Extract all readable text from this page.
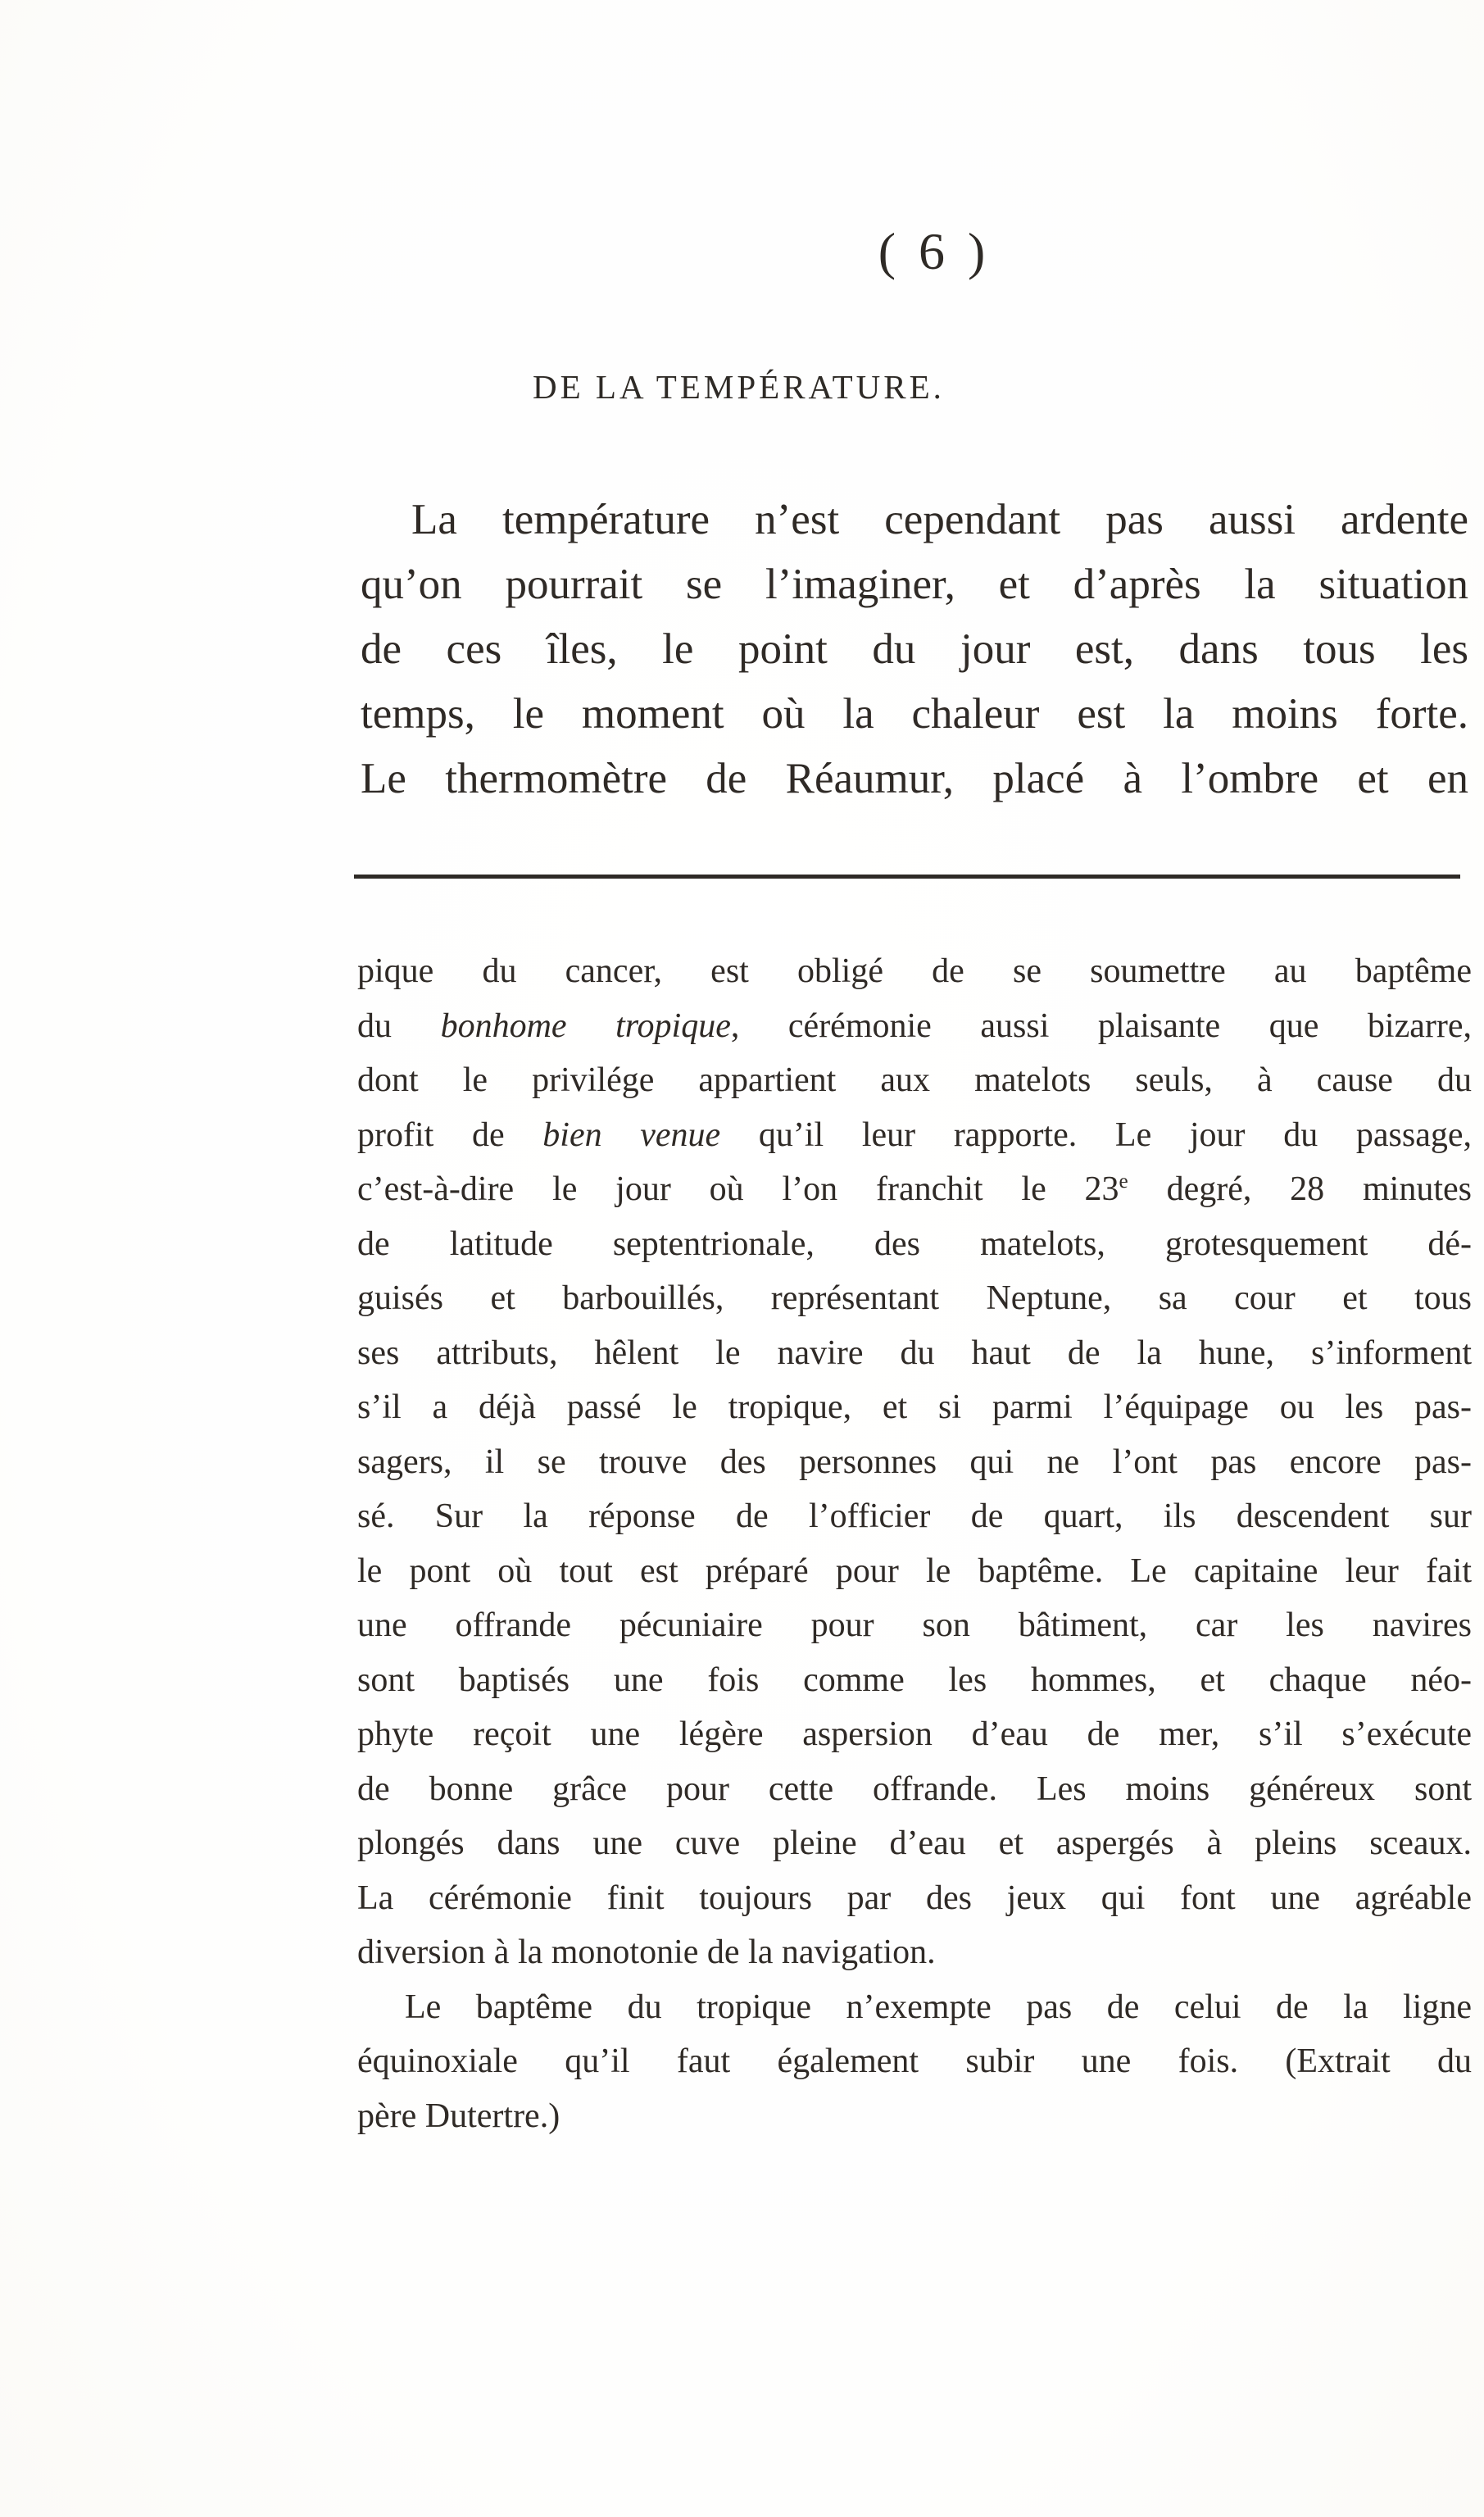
( 6 )
DE LA TEMPÉRATURE.
La température n’est cependant pas aussi ardente
qu’on pourrait se l’imaginer, et d’après la situation
de ces îles, le point du jour est, dans tous les
temps, le moment où la chaleur est la moins forte.
Le thermomètre de Réaumur, placé à l’ombre et en
pique du cancer, est obligé de se soumettre au baptême
du bonhome tropique, cérémonie aussi plaisante que bizarre,
dont le privilége appartient aux matelots seuls, à cause du
profit de bien venue qu’il leur rapporte. Le jour du passage,
c’est-à-dire le jour où l’on franchit le 23e degré, 28 minutes
de latitude septentrionale, des matelots, grotesquement dé-
guisés et barbouillés, représentant Neptune, sa cour et tous
ses attributs, hêlent le navire du haut de la hune, s’informent
s’il a déjà passé le tropique, et si parmi l’équipage ou les pas-
sagers, il se trouve des personnes qui ne l’ont pas encore pas-
sé. Sur la réponse de l’officier de quart, ils descendent sur
le pont où tout est préparé pour le baptême. Le capitaine leur fait
une offrande pécuniaire pour son bâtiment, car les navires
sont baptisés une fois comme les hommes, et chaque néo-
phyte reçoit une légère aspersion d’eau de mer, s’il s’exécute
de bonne grâce pour cette offrande. Les moins généreux sont
plongés dans une cuve pleine d’eau et aspergés à pleins sceaux.
La cérémonie finit toujours par des jeux qui font une agréable
diversion à la monotonie de la navigation.
Le baptême du tropique n’exempte pas de celui de la ligne
équinoxiale qu’il faut également subir une fois. (Extrait du
père Dutertre.)
